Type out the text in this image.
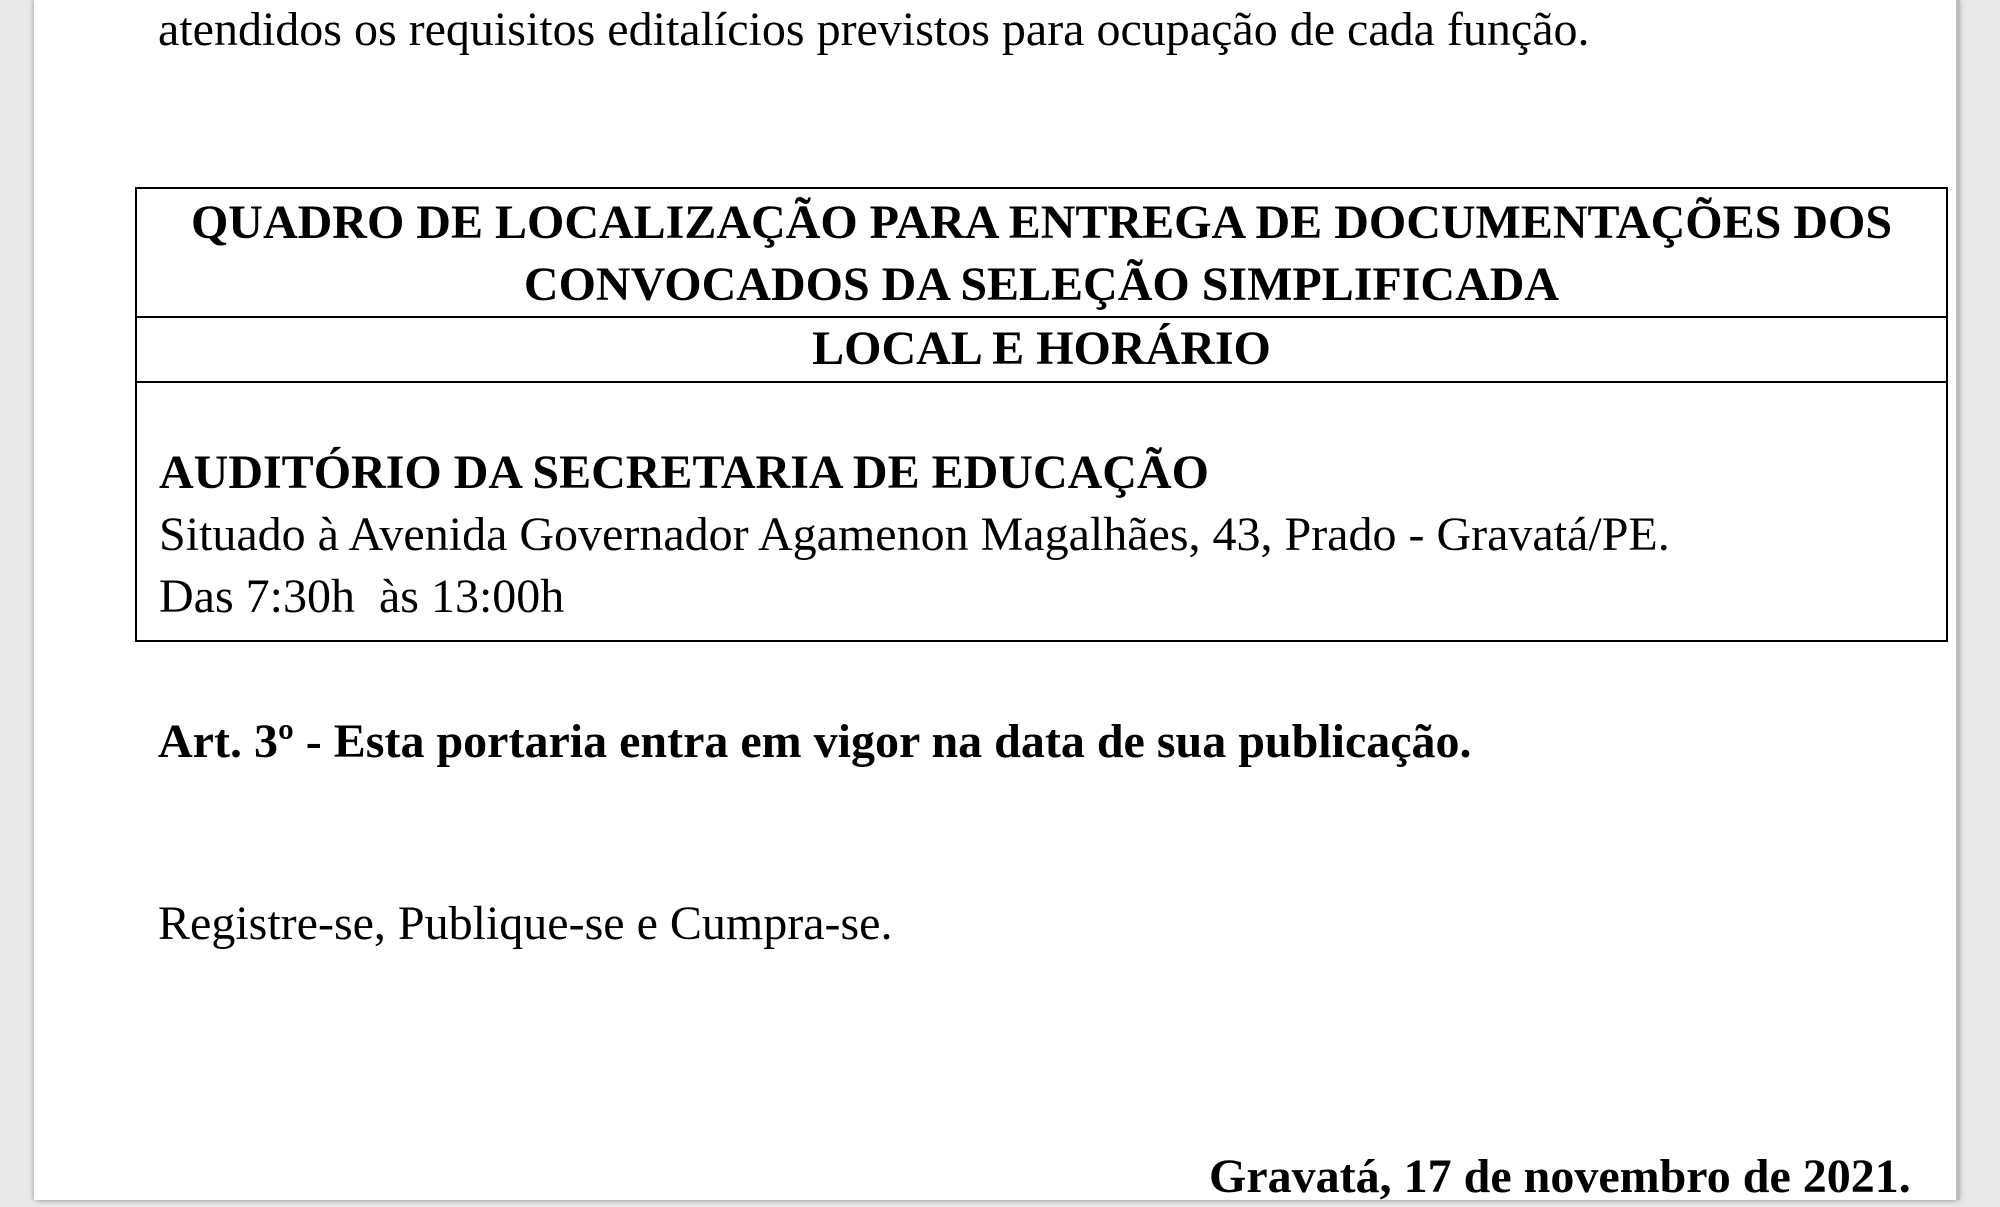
atendidos os requisitos editalícios previstos para ocupação de cada função.
QUADRO DE LOCALIZAÇÃO PARA ENTREGA DE DOCUMENTAÇÕES DOS
CONVOCADOS DA SELEÇÃO SIMPLIFICADA
LOCAL E HORÁRIO
AUDITÓRIO DA SECRETARIA DE EDUCAÇÃO
Situado à Avenida Governador Agamenon Magalhães, 43, Prado - Gravatá/PE.
Das 7:30h  às 13:00h
Art. 3º - Esta portaria entra em vigor na data de sua publicação.
Registre-se, Publique-se e Cumpra-se.
Gravatá, 17 de novembro de 2021.
